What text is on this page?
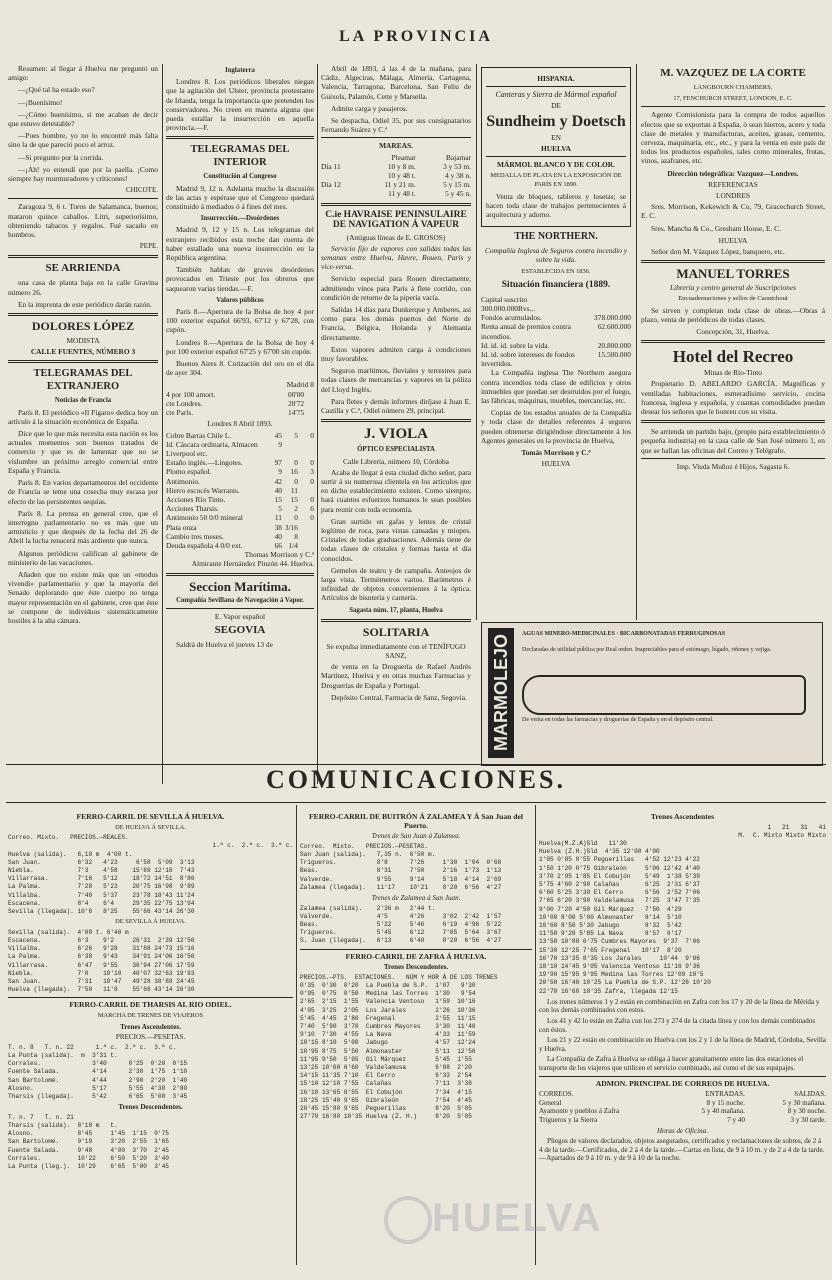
LA PROVINCIA

Resumen: al llegar á Huelva me preguntó un amigo:

—¿Qué tal ha estado eso?

—¡Buenísimo!

—¿Cómo buenísimo, si me acaban de decir que estuvo detestable?

—Pues hombre, yo no lo encontré más falta sino la de que pareció poco el arroz.

—Si pregunto por la corrida.

—¡Ah! yo entendí que por la paella. ¡Como siempre hay murmuradores y criticones!

CHICOTE.

Zaragoza 9, 6 t. Toros de Salamanca, buenos; mataron quince caballos. Litri, superiorísimo, obteniendo tabacos y regalos. Fué sacado en hombros.

PEPE.
SE ARRIENDA

una casa de planta baja en la calle Gravina número 26.

En la imprenta de este periódico darán razón.

DOLORES LÓPEZ
MODISTA
CALLE FUENTES, NÚMERO 3
TELEGRAMAS DEL EXTRANJERO
Noticias de Francia

París 8. El periódico «Il Fígaro» dedica hoy un artículo á la situación económica de España.

Dice que lo que más necesita esta nación es los actuales momentos son buenos tratados de comercio y que es de lamentar que no se vislumbre un próximo arreglo comercial entre España y Francia.

París 8. En varios departamentos del occidente de Francia se teme una cosecha muy escasa por efecto de las persistentes sequías.

París 8. La prensa en general cree, que el interregno parlamentario no es más que un armisticio y que después de la fecha del 26 de Abril la lucha renacerá más ardiente que nunca.

Algunos periódicos califican al gabinete de ministerio de las vacaciones.

Añaden que no existe más que un «modus vivendi» parlamentario y que la mayoría del Senado deplorando que éste cuerpo no tenga mayor representación en el gabinete, cree que éste se compone de individuos sistemáticamente hostiles á la alta cámara.

Inglaterra

Londres 8. Los periódicos liberales niegan que la agitación del Ulster, provincia protestante de Irlanda, tenga la importancia que pretenden los conservadores. No creen en manera alguna que pueda estallar la insurrección en aquella provincia.—F.

TELEGRAMAS DEL INTERIOR
Constitución al Congreso

Madrid 9, 12 n. Adelanta mucho la discusión de las actas y espérase que el Congreso quedará constituido á mediados ó á fines del mes.

Insurrección.—Desórdenes

Madrid 9, 12 y 15 n. Los telegramas del extranjero recibidos esta noche dan cuenta de haber estallado una nueva insurrección en la República argentina.

También hablan de graves desórdenes provocados en Trieste por los obreros que saquearon varias tiendas.—F.

Valores públicos

París 8.—Apertura de la Bolsa de hoy 4 por 100 exterior español 66'93, 67'12 y 67'28, con cupón.

Londres 8.—Apertura de la Bolsa de hoy 4 por 100 exterior español 67'25 y 67'00 sin cupón.

Buenos Aires 8. Cotización del oro en el día de ayer 304.

Madrid 8
4 por 100 amort.	00'00
cte Londres.	28'72
cte París.	14'75
Londres 8 Abril 1893.
Cobre Barras Chile L.	45	5	0
Id. Cáscara ordinaria, Almacen Liverpool etc.
9
Estaño inglés.—Lingotes.	97	0	0
Plomo español.	9	16	3
Antimonio.	42	0	0
Hierro escocés Warrants.	40	11
Acciones Río Tinto.	15	15	0
Acciones Tharsis.	5	2	6
Antimonio 50 0/0 mineral	11	0	0
Plata onza	38 3/16
Cambio tres meses.	40	8
Deuda española 4 0/0 ext.	66 1/4
Thomas Morrison y C.ª
Almirante Hernández Pinzón 44. Huelva.
Seccion Marítima.
Compañía Sevillana de Navegación á Vapor.
E. Vapor español
SEGOVIA

Saldrá de Huelva el jueves 13 de

Abril de 1893, á las 4 de la mañana, para Cádiz, Algeciras, Málaga, Almería, Cartagena, Valencia, Tarragona, Barcelona, San Feliu de Guixols, Palamós, Cette y Marsella.

Admite carga y pasajeros.

Se despacha, Odiel 35, por sus consignatarios Fernando Suárez y C.ª

MAREAS.
Pleamar	Bajamar
Día 11	10 y 8 m.	3 y 53 m.
10 y 48 t.	4 y 38 n.
Día 12	11 y 21 m.	5 y 15 m.
11 y 48 t.	5 y 45 n.
C.ie HAVRAISE PENINSULAIRE DE NAVIGATION Á VAPEUR
(Antiguas líneas de E. GROSOS)

Servicio fijo de vapores con salidas todas las semanas entre Huelva, Havre, Rouen, París y vice-versa.

Servicio especial para Rouen directamente, admitiendo vinos para París á flete corrido, con condición de retorno de la pipería vacía.

Salidas 14 días para Dunkerque y Amberes, así como para los demás puertos del Norte de Francia, Bélgica, Holanda y Alemania directamente.

Estos vapores admiten carga á condiciones muy favorables.

Seguros marítimos, fluviales y terrestres para todas clases de mercancías y vapores en la póliza del Lloyd Inglés.

Para fletes y demás informes diríjase á Juan E. Castilla y C.ª, Odiel número 29, principal.

J. VIOLA
ÓPTICO ESPECIALISTA
Calle Librería, número 10, Córdoba

Acaba de llegar á esta ciudad dicho señor, para surtir á su numerosa clientela en los artículos que en dicho establecimiento existen. Como siempre, hará cuantos esfuerzos humanos le sean posibles para reunir con toda economía.

Gran surtido en gafas y lentes de cristal legítimo de roca, para vistas cansadas y miopes. Cristales de todas graduaciones. Además tiene de todas clases de cristales y formas hasta el día conocidos.

Gemelos de teatro y de campaña. Anteojos de larga vista. Termómetros varios. Barómetros é infinidad de objetos concernientes á la óptica. Artículos de bisutería y cantería.

Sagasta núm. 17, planta, Huelva
SOLITARIA
Se expulsa inmediatamente con el TENÍFUGO SANZ,

de venta en la Droguería de Rafael Andrés Martínez, Huelva y en otras muchas Farmacias y Droguerías de España y Portugal.

Depósito Central, Farmacia de Sanz, Segovia.

HISPANIA.
Canteras y Sierra de Mármol español
DE
Sundheim y Doetsch
EN
HUELVA
MÁRMOL BLANCO Y DE COLOR.
MEDALLA DE PLATA EN LA EXPOSICIÓN DE PARÍS EN 1890.

Venta de bloques, tableros y losetas; se hacen toda clase de trabajos pertenecientes á arquitectura y adorno.

THE NORTHERN.
Compañía Inglesa de Seguros contra incendio y sobre la vida.
ESTABLECIDA EN 1836.
Situación financiera (1889.
Capital suscrito 300.000.000Rvs...
Fondos acumulados.	378.000.000
Renta anual de premios contra incendios.
62.600.000
Id. id. id. sobre la vida.	20.800.000
Id. id. sobre intereses de fondos invertidos.
15.500.000

La Compañía inglesa The Northern asegura contra incendios toda clase de edificios y otros inmuebles que puedan ser destruidos por el fuego, las fábricas, máquinas, muebles, mercancías, etc.

Copias de los estados anuales de la Compañía y toda clase de detalles referentes á seguros pueden obtenerse dirigiéndose directamente á los Agentes generales en la provincia de Huelva,

Tomás Morrison y C.ª
HUELVA
M. VAZQUEZ DE LA CORTE
LANGBOURN CHAMBERS,
17, FENCHURCH STREET, LONDON, E. C.

Agente Comisionista para la compra de todos aquellos efectos que se exportan á España, ó sean hierros, acero y toda clase de metales y manufacturas, aceites, grasas, cemento, cerveza, maquinaria, etc., etc., y para la venta en este país de todos los productos españoles, tales como minerales, frutas, vinos, azafranes, etc.

Dirección telegráfica: Vazquez—Londres.
REFERENCIAS
LONDRES

Sres. Morrison, Kekewich & Co, 79, Gracechurch Street, E. C.

Sres. Mancha & Co., Gresham House, E. C.

HUELVA

Señor don M. Vázquez López, banquero, etc.

MANUEL TORRES
Librería y centro general de Suscripciones
Encuadernaciones y sellos de Caoutchout

Se sirven y completan toda clase de obras.—Obras á plazo, venta de periódicos de todas clases.

Concepción, 31, Huelva.
Hotel del Recreo
Minas de Río-Tinto

Propietario D. ABELARDO GARCÍA. Magníficas y ventiladas habitaciones, esmeradísimo servicio, cocina francesa, inglesa y española, y cuantas comodidades puedan desear los señores que le honren con su visita.

Se arrienda un partido bajo, (propio para establecimiento ó pequeña industria) en la casa calle de San José número 1, en que se hallan las oficinas del Correo y Telégrafo.

Imp. Viuda Muñoz é Hijos, Sagasta 6.
MARMOLEJO
AGUAS MINERO-MEDICINALES · BICARBONATADAS FERRUGINOSAS
Declaradas de utilidad pública por Real orden. Inapreciables para el estómago, hígado, riñones y vejiga.
De venta en todas las farmacias y droguerías de España y en el depósito central.
COMUNICACIONES.
FERRO-CARRIL DE SEVILLA Á HUELVA.
DE HUELVA Á SEVILLA.
Correo. Mixto.   PRECIOS.—REALES.
1.ª c.  2.ª c.  3.ª c.
Huelva (salida).   6,10 m  4'00 t.
San Juan.          6'32   4'23     6'58  5'09  3'13
Niebla.            7'3    4'58    15'69 12'16  7'43
Villarrasa.        7'16   5'12    18'72 14'51  8'86
La Palma.          7'28   5'23    20'75 16'98  9'89
Villalba.          7'40   5'37    23'78 18'43 11'24
Escacena.          8'4    6'4     29'35 22'75 13'94
Sevilla (llegada). 10'6   8'25    55'66 43'14 26'30
DE SEVILLA Á HUELVA.
Sevilla (salida).  4'00 t. 6'40 m
Escacena.          6'3    9'2     26'31  2'39 12'50
Villalba.          6'26   9'28    31'88 24'73 15'16
La Palma.          6'38   9'43    34'91 24'06 16'50
Villarrasa.        6'47   9'55    36'94 27'06 17'59
Niebla.            7'0    10'10   40'07 32'63 19'93
San Juan.          7'31   10'47   49'28 38'88 24'45
Huelva (llegada).  7'50   11'8    55'66 43'14 26'30
FERRO-CARRIL DE THARSIS AL RIO ODIEL.
MARCHA DE TRENES DE VIAJEROS
Trenes Ascendentes.
PRECIOS.—PESETAS.
T. n. 8   T. n. 22      1.ª c.  2.ª c.  3.ª c.
La Punta (salida).  m  3'31 t.
Corrales.              3'40      0'25  0'20  0'15
Fuente Salada.         4'14      2'30  1'75  1'10
San Bartolomé.         4'44      2'90  2'20  1'40
Alosno.                5'17      5'55  4'30  2'80
Tharsis (llegada).     5'42      6'65  5'00  3'45
Trenes Descendentes.
T. n. 7   T. n. 21
Tharsis (salida).  8'18 m   t.
Alosno.            8'45     1'45  1'15  0'75
San Bartolomé.     9'19     3'20  2'55  1'65
Fuente Salada.     9'48     4'00  3'70  2'45
Corrales.          10'22    6'50  5'20  3'40
La Punta (lleg.).  10'29    6'65  5'00  3'45
FERRO-CARRIL DE BUITRÓN Á ZALAMEA Y Á San Juan del Puerto.
Trenes de San Juan á Zalamea.
Correo.  Mixto.   PRECIOS.—PESETAS.
San Juan (salida).   7,35 n.  6'50 m.
Trigueros.           8'8      7'26     1'30  1'04  0'68
Beas.                8'31     7'50     2'16  1'73  1'13
Valverde.            9'55     9'14     5'18  4'14  2'69
Zalamea (llegada).   11'17    10'21    8'20  6'56  4'27
Trenes de Zalamea á San Juan.
Zalamea (salida).    2'36 m   2'44 t.
Valverde.            4'5      4'26     3'02  2'42  1'57
Beas.                5'22     5'46     6'19  4'96  5'22
Trigueros.           5'45     6'12     7'05  5'64  3'67
S. Juan (llegada).   6'13     6'40     8'20  6'56  4'27
FERRO-CARRIL DE ZAFRA Á HUELVA.
Trenes Descendentes.
PRECIOS.—PTS.  ESTACIONES.   NÚM Y HOR Á DE LOS TRENES
0'35  0'30  0'20  La Puebla de S.P.  1'07   9'30
0'95  0'75  0'50  Medina las Torres  1'30   9'54
2'65  2'15  1'55  Valencia Ventoso   1'59  10'16
4'05  3'25  2'05  Los Jarales        2'26  10'36
5'45  4'45  2'80  Fregenal           2'55  11'15
7'40  5'90  3'70  Cumbres Mayores    3'30  11'40
9'10  7'30  4'55  La Nava            4'33  11'59
10'15 8'10  5'00  Jabugo             4'57  12'24
10'95 8'75  5'50  Almonaster         5'11  12'56
11'95 9'50  5'95  Gil Márquez        5'45  1'55
13'25 10'60 6'60  Valdelamusa        6'08  2'20
14'15 11'35 7'10  El Cerro           6'33  2'54
15'10 12'10 7'55  Calañas            7'11  3'38
16'10 13'65 8'55  El Cobujón         7'34  4'15
18'25 15'40 9'65  Gibraleón          7'54  4'45
20'45 15'80 9'65  Peguerillas        8'20  5'05
27'70 16'80 10'35 Huelva (Z. H.)     8'20  5'05
Trenes Ascendentes
1   21   31   41
M.  C. Mixto Mixto Mixto
Huelva(M.Z.A)Sld   11'30
Huelva (Z.H.)Sld  4'35 12'00 4'00
1'05 0'85 0'55 Peguerillas   4'52 12'23 4'22
1'50 1'20 0'75 Gibraleón     5'06 12'42 4'40
3'70 2'95 1'85 El Cobujón    5'49  1'38 5'39
5'75 4'60 2'90 Calañas       6'25  2'31 6'37
6'60 5'25 3'30 El Cerro      6'56  2'52 7'06
7'65 6'20 3'90 Valdelamusa   7'25  3'47 7'35
9'00 7'20 4'50 Gil Márquez   7'50  4'29
10'00 8'00 5'00 Almonaster   8'14  5'10
10'60 8'50 5'30 Jabugo       8'32  5'42
11'50 9'20 5'85 La Nava      8'57  6'17
13'50 10'80 6'75 Cumbres Mayores  9'37  7'06
15'30 12'25 7'65 Fregenal   10'17  8'20
16'70 13'35 8'35 Los Jarales     10'44  9'06
18'10 14'45 9'05 Valencia Ventoso 11'16 9'36
19'90 15'95 9'95 Medina las Torres 12'09 10'5
20'50 16'40 10'25 La Puebla de S.P. 12'26 10'20
22'70 16'60 10'35 Zafra, llegada 12'15

Los trenes números 1 y 2 están en combinación en Zafra con los 17 y 20 de la línea de Mérida y con los demás combinados con estos.

Los 41 y 42 lo están en Zafra con los 273 y 274 de la citada línea y con los demás combinados con éstos.

Los 21 y 22 están en combinación en Huelva con los 2 y 1 de la línea de Madrid, Córdoba, Sevilla y Huelva.

La Compañía de Zafra á Huelva se obliga á hacer gratuitamente entre las dos estaciones el transporte de los viajeros que utilicen el servicio combinado, así como el de sus equipajes.

ADMON. PRINCIPAL DE CORREOS DE HUELVA.
CORREOS.	ENTRADAS.	SALIDAS.
General	8 y 15 noche.	5 y 30 mañana.
Ayamonte y pueblos á Zafra	5 y 40 mañana.	8 y 30 noche.
Trigueros y la Sierra	7 y 40	3 y 30 tarde.
Horas de Oficina.

Pliegos de valores declarados, objetos asegurados, certificados y reclamaciones de sobres, de 2 á 4 de la tarde.—Certificados, de 2 á 4 de la tarde.—Cartas en lista, de 9 á 10 m. y de 2 a 4 de la tarde.—Apartados de 9 á 10 m. y de 9 á 10 de la noche.

HUELVA
